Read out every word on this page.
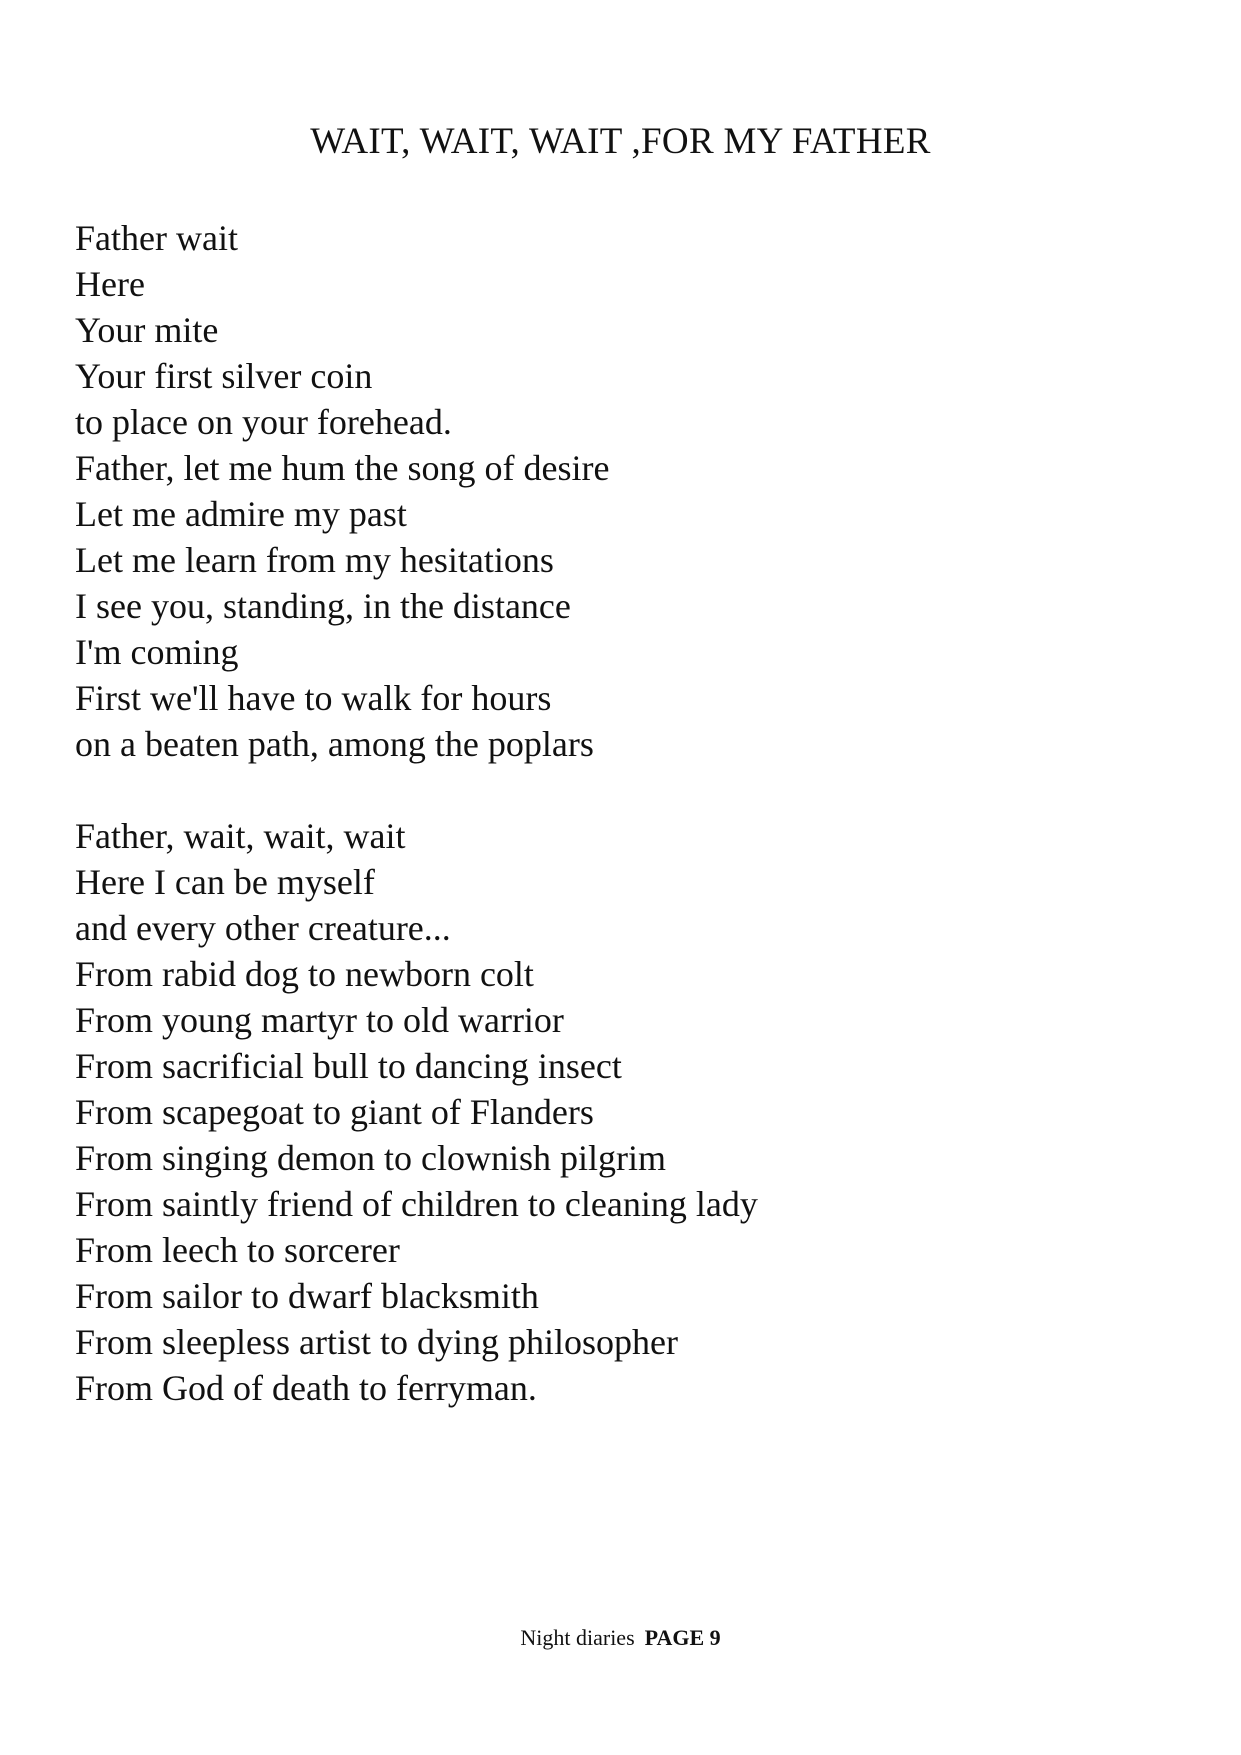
WAIT, WAIT, WAIT ,FOR MY FATHER
Father wait
Here
Your mite
Your first silver coin
to place on your forehead.
Father, let me hum the song of desire
Let me admire my past
Let me learn from my hesitations
I see you, standing, in the distance
I'm coming
First we'll have to walk for hours
on a beaten path, among the poplars
Father, wait, wait, wait
Here I can be myself
and every other creature...
From rabid dog to newborn colt
From young martyr to old warrior
From sacrificial bull to dancing insect
From scapegoat to giant of Flanders
From singing demon to clownish pilgrim
From saintly friend of children to cleaning lady
From leech to sorcerer
From sailor to dwarf blacksmith
From sleepless artist to dying philosopher
From God of death to ferryman.
Night diaries PAGE 9
